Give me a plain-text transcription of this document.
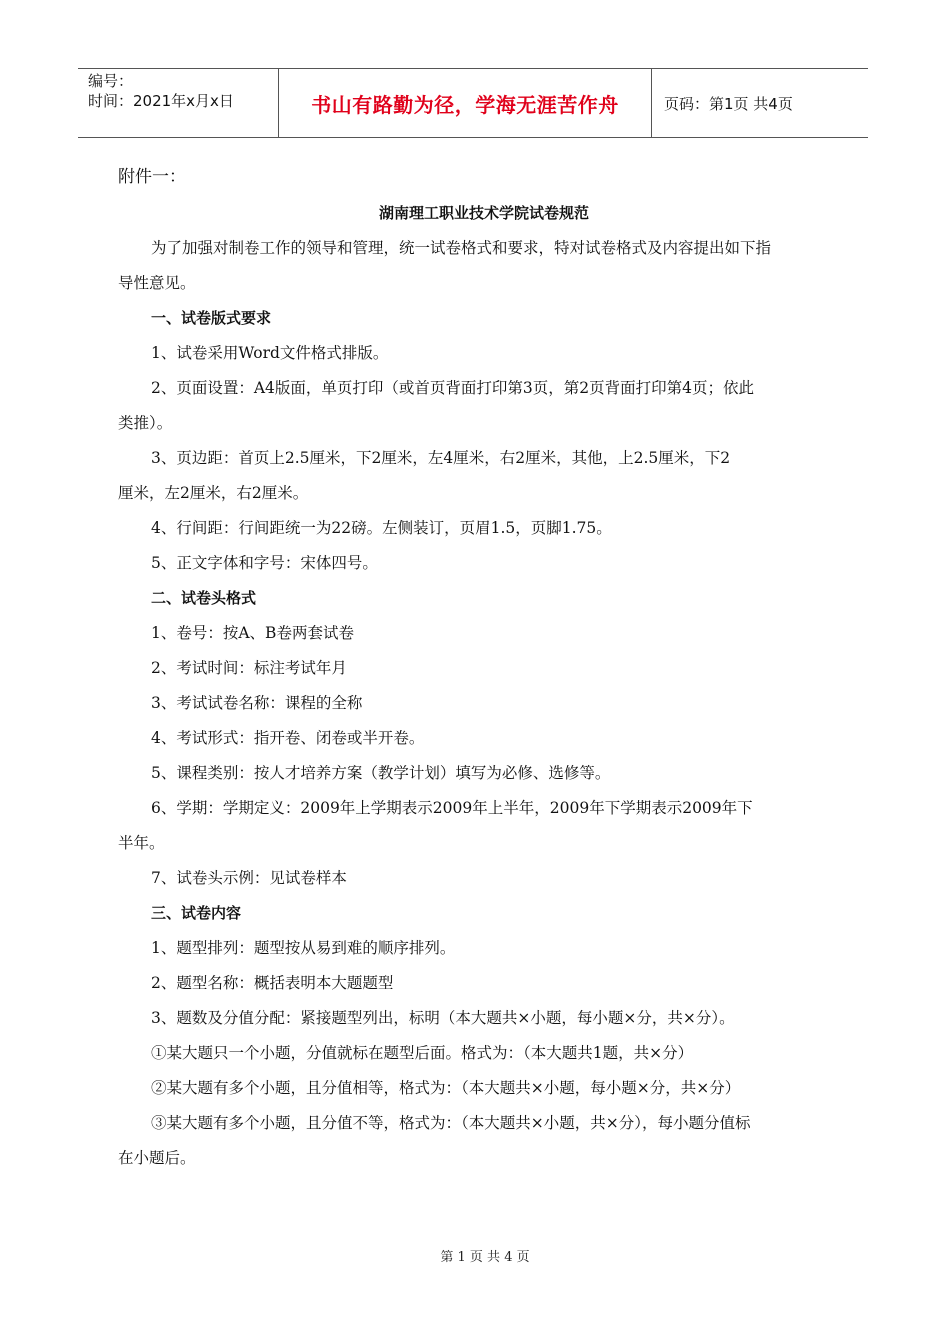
编号：
时间：2021年x月x日	书山有路勤为径，学海无涯苦作舟	页码：第1页 共4页
附件一：
湖南理工职业技术学院试卷规范
为了加强对制卷工作的领导和管理，统一试卷格式和要求，特对试卷格式及内容提出如下指
导性意见。
一、试卷版式要求
1、试卷采用Word文件格式排版。
2、页面设置：A4版面，单页打印（或首页背面打印第3页，第2页背面打印第4页；依此
类推）。
3、页边距：首页上2.5厘米，下2厘米，左4厘米，右2厘米，其他，上2.5厘米，下2
厘米，左2厘米，右2厘米。
4、行间距：行间距统一为22磅。左侧装订，页眉1.5，页脚1.75。
5、正文字体和字号：宋体四号。
二、试卷头格式
1、卷号：按A、B卷两套试卷
2、考试时间：标注考试年月
3、考试试卷名称：课程的全称
4、考试形式：指开卷、闭卷或半开卷。
5、课程类别：按人才培养方案（教学计划）填写为必修、选修等。
6、学期：学期定义：2009年上学期表示2009年上半年，2009年下学期表示2009年下
半年。
7、试卷头示例：见试卷样本
三、试卷内容
1、题型排列：题型按从易到难的顺序排列。
2、题型名称：概括表明本大题题型
3、题数及分值分配：紧接题型列出，标明（本大题共×小题，每小题×分，共×分）。
①某大题只一个小题，分值就标在题型后面。格式为：（本大题共1题，共×分）
②某大题有多个小题，且分值相等，格式为：（本大题共×小题，每小题×分，共×分）
③某大题有多个小题，且分值不等，格式为：（本大题共×小题，共×分），每小题分值标
在小题后。
第 1 页 共 4 页
